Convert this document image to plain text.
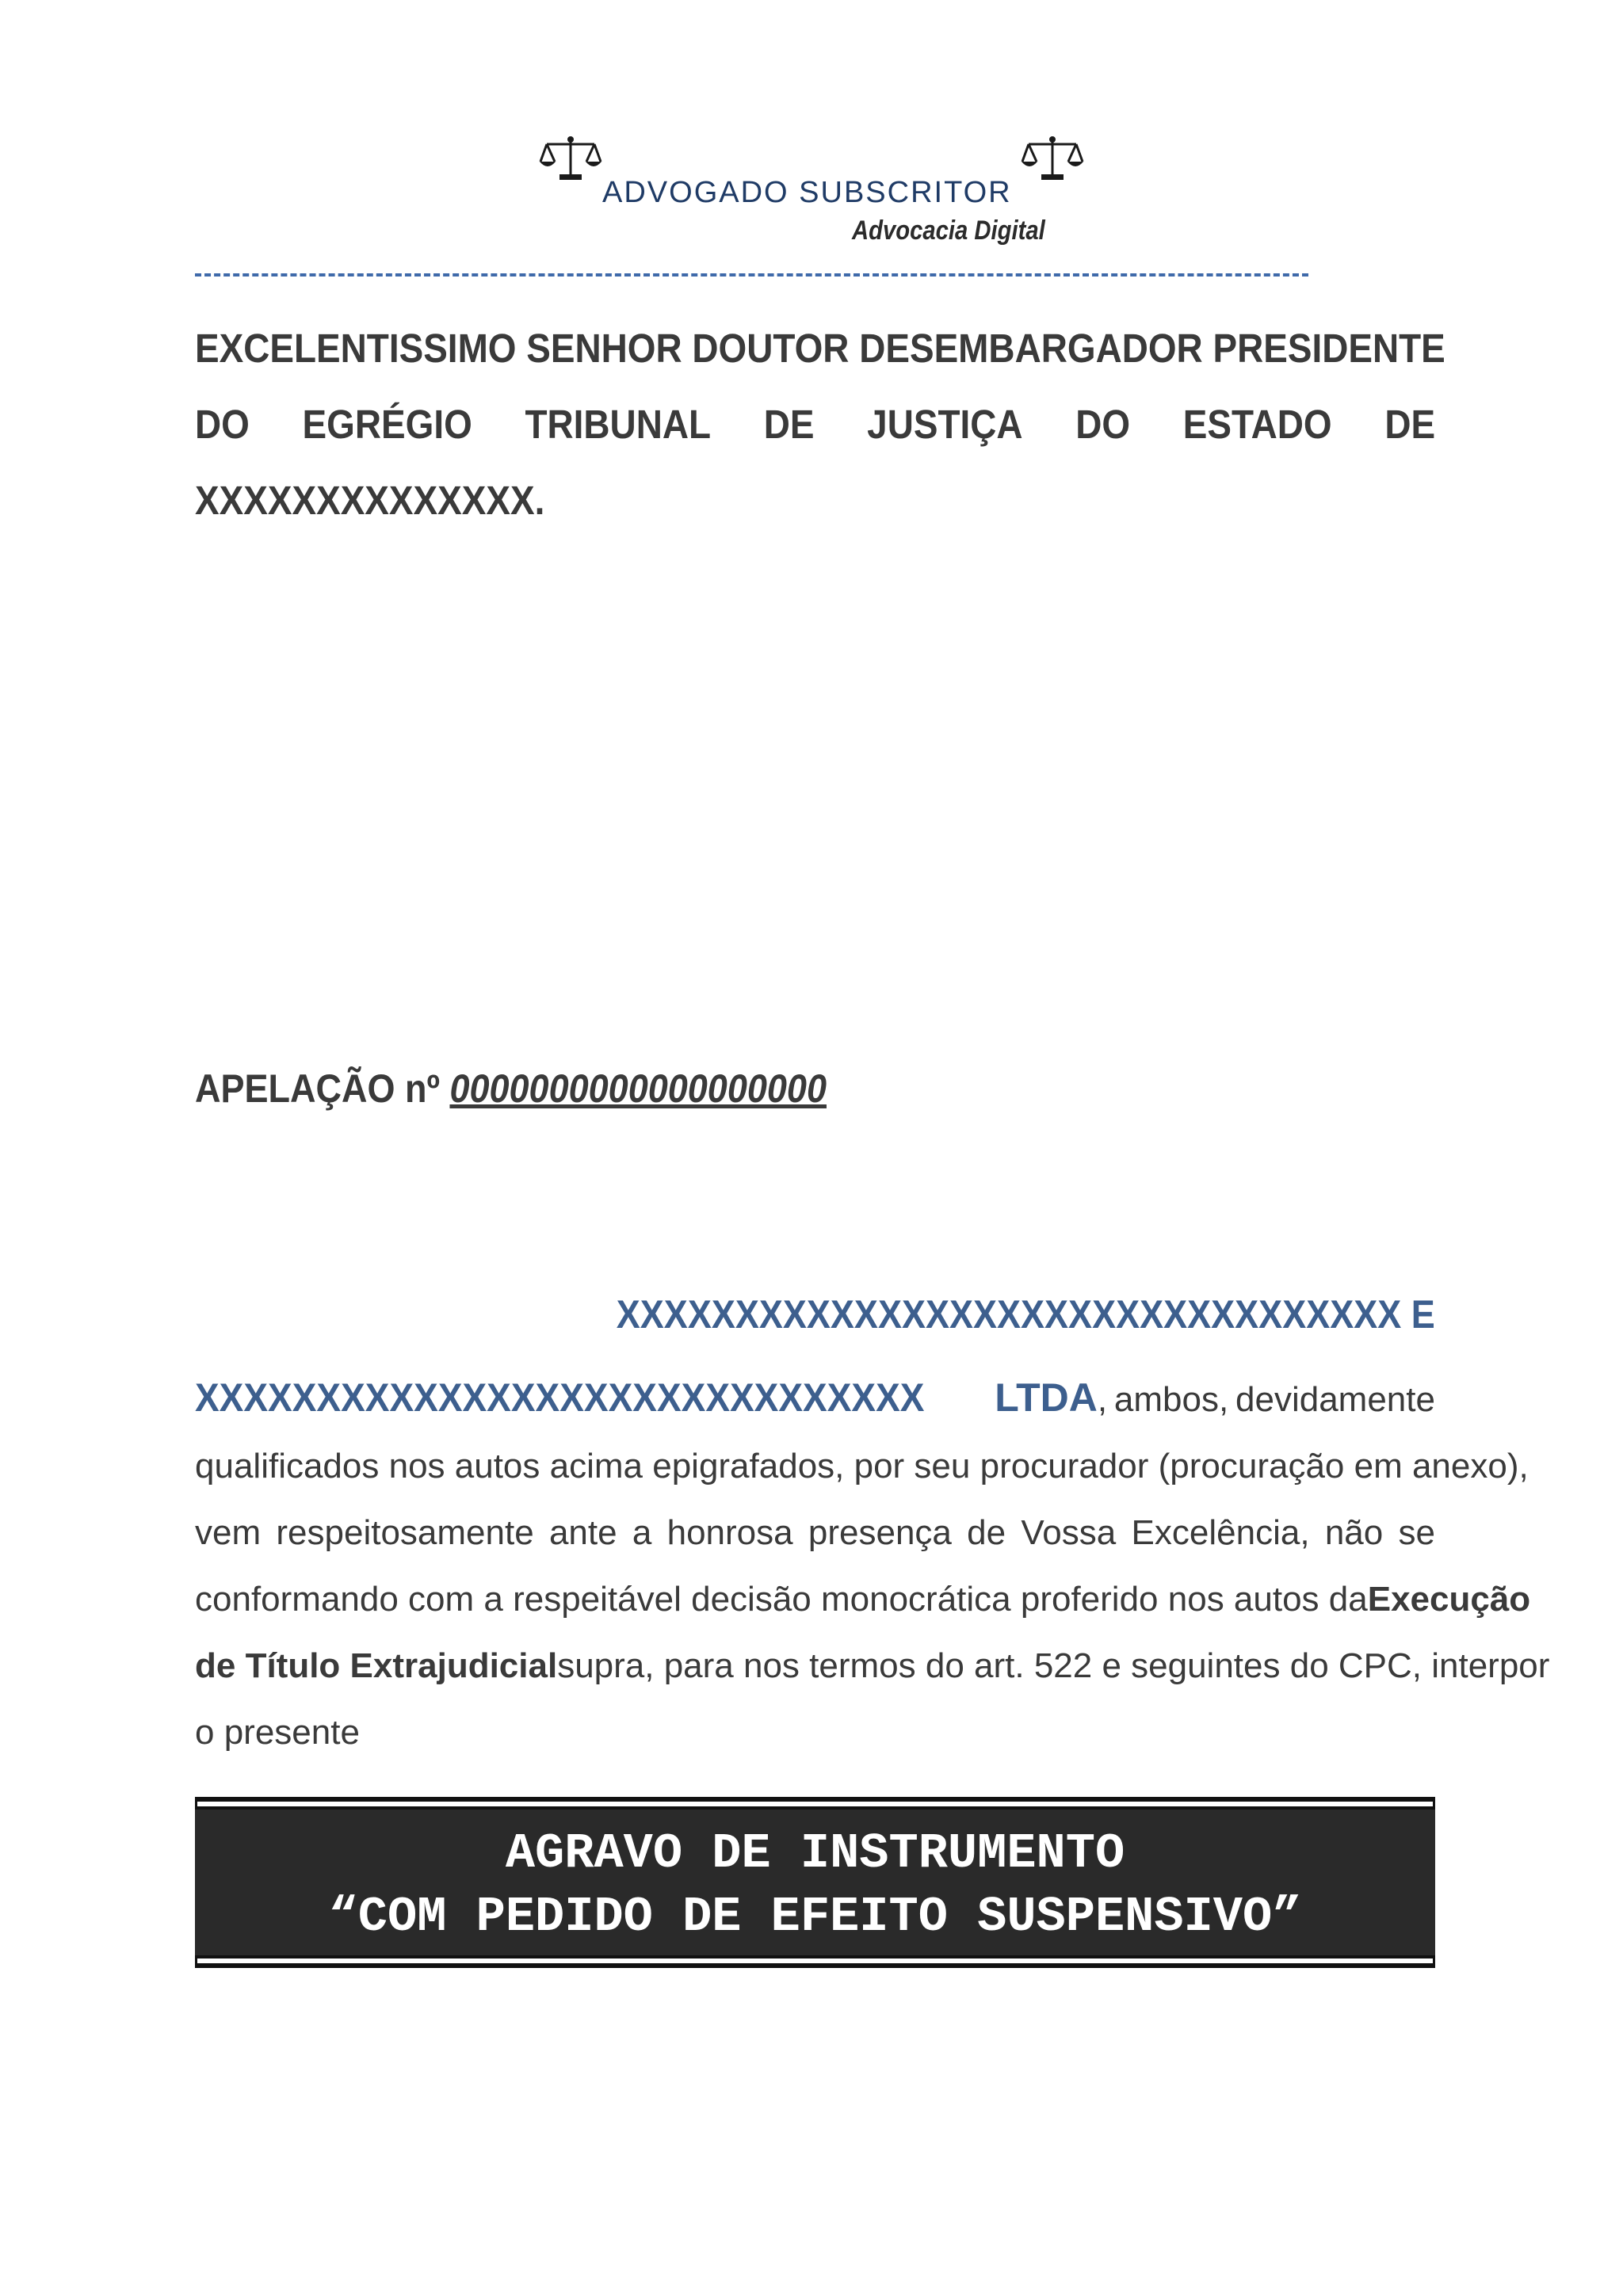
ADVOGADO SUBSCRITOR
Advocacia Digital
EXCELENTISSIMO SENHOR DOUTOR DESEMBARGADOR PRESIDENTE
DO EGRÉGIO TRIBUNAL DE JUSTIÇA DO ESTADO DE
XXXXXXXXXXXXXX.
APELAÇÃO nº 0000000000000000000
XXXXXXXXXXXXXXXXXXXXXXXXXXXXXXXXX E
XXXXXXXXXXXXXXXXXXXXXXXXXXXXXX	LTDA, ambos, devidamente
qualificados nos autos acima epigrafados, por seu procurador (procuração em anexo),
vem respeitosamente ante a honrosa presença de Vossa Excelência, não se
conformando com a respeitável decisão monocrática proferido nos autos da Execução
de Título Extrajudicial supra, para nos termos do art. 522 e seguintes do CPC, interpor
o presente
AGRAVO DE INSTRUMENTO
“COM PEDIDO DE EFEITO SUSPENSIVO”
